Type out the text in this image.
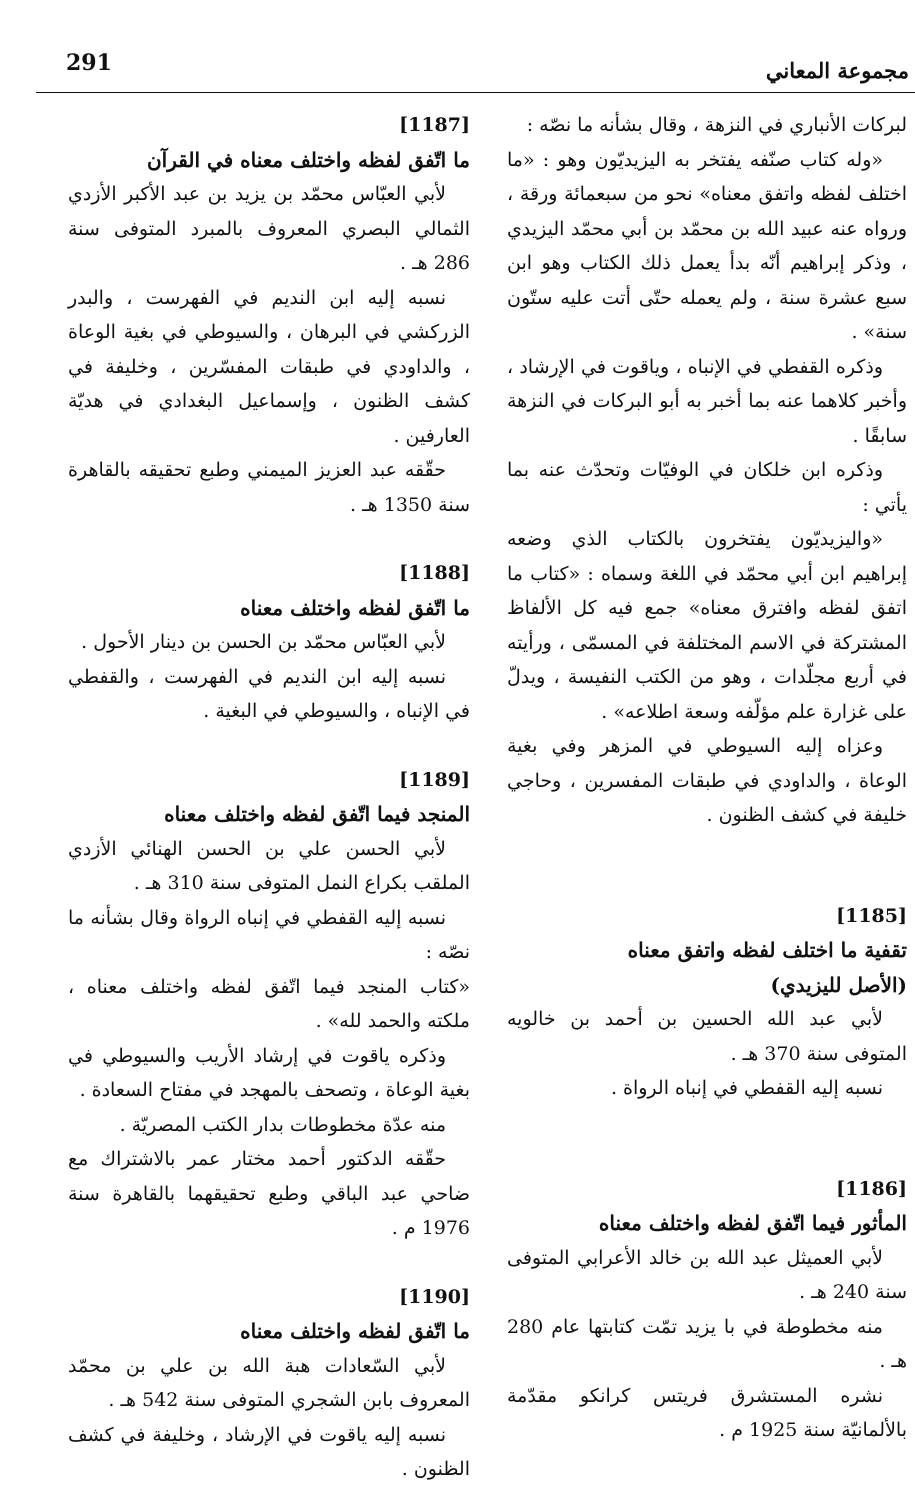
291	مجموعة المعاني

لبركات الأنباري في النزهة ، وقال بشأنه ما نصّه :

«وله كتاب صنّفه يفتخر به اليزيديّون وهو : «ما اختلف لفظه واتفق معناه» نحو من سبعمائة ورقة ، ورواه عنه عبيد الله بن محمّد بن أبي محمّد اليزيدي ، وذكر إبراهيم أنّه بدأ يعمل ذلك الكتاب وهو ابن سبع عشرة سنة ، ولم يعمله حتّى أتت عليه ستّون سنة» .

وذكره القفطي في الإنباه ، وياقوت في الإرشاد ، وأخبر كلاهما عنه بما أخبر به أبو البركات في النزهة سابقًا .

وذكره ابن خلكان في الوفيّات وتحدّث عنه بما يأتي :

«واليزيديّون يفتخرون بالكتاب الذي وضعه إبراهيم ابن أبي محمّد في اللغة وسماه : «كتاب ما اتفق لفظه وافترق معناه» جمع فيه كل الألفاظ المشتركة في الاسم المختلفة في المسمّى ، ورأيته في أربع مجلّدات ، وهو من الكتب النفيسة ، ويدلّ على غزارة علم مؤلّفه وسعة اطلاعه» .

وعزاه إليه السيوطي في المزهر وفي بغية الوعاة ، والداودي في طبقات المفسرين ، وحاجي خليفة في كشف الظنون .

[1185]

تقفية ما اختلف لفظه واتفق معناه

(الأصل لليزيدي)

لأبي عبد الله الحسين بن أحمد بن خالويه المتوفى سنة 370 هـ .

نسبه إليه القفطي في إنباه الرواة .

[1186]

المأثور فيما اتّفق لفظه واختلف معناه

لأبي العميثل عبد الله بن خالد الأعرابي المتوفى سنة 240 هـ .

منه مخطوطة في با يزيد تمّت كتابتها عام 280 هـ .

نشره المستشرق فريتس كرانكو مقدّمة بالألمانيّة سنة 1925 م .

[1187]

ما اتّفق لفظه واختلف معناه في القرآن

لأبي العبّاس محمّد بن يزيد بن عبد الأكبر الأزدي الثمالي البصري المعروف بالمبرد المتوفى سنة 286 هـ .

نسبه إليه ابن النديم في الفهرست ، والبدر الزركشي في البرهان ، والسيوطي في بغية الوعاة ، والداودي في طبقات المفسّرين ، وخليفة في كشف الظنون ، وإسماعيل البغدادي في هديّة العارفين .

حقّقه عبد العزيز الميمني وطبع تحقيقه بالقاهرة سنة 1350 هـ .

[1188]

ما اتّفق لفظه واختلف معناه

لأبي العبّاس محمّد بن الحسن بن دينار الأحول .

نسبه إليه ابن النديم في الفهرست ، والقفطي في الإنباه ، والسيوطي في البغية .

[1189]

المنجد فيما اتّفق لفظه واختلف معناه

لأبي الحسن علي بن الحسن الهنائي الأزدي الملقب بكراع النمل المتوفى سنة 310 هـ .

نسبه إليه القفطي في إنباه الرواة وقال بشأنه ما نصّه :

«كتاب المنجد فيما اتّفق لفظه واختلف معناه ، ملكته والحمد لله» .

وذكره ياقوت في إرشاد الأريب والسيوطي في بغية الوعاة ، وتصحف بالمهجد في مفتاح السعادة .

منه عدّة مخطوطات بدار الكتب المصريّة .

حقّقه الدكتور أحمد مختار عمر بالاشتراك مع ضاحي عبد الباقي وطبع تحقيقهما بالقاهرة سنة 1976 م .

[1190]

ما اتّفق لفظه واختلف معناه

لأبي السّعادات هبة الله بن علي بن محمّد المعروف بابن الشجري المتوفى سنة 542 هـ .

نسبه إليه ياقوت في الإرشاد ، وخليفة في كشف الظنون .
